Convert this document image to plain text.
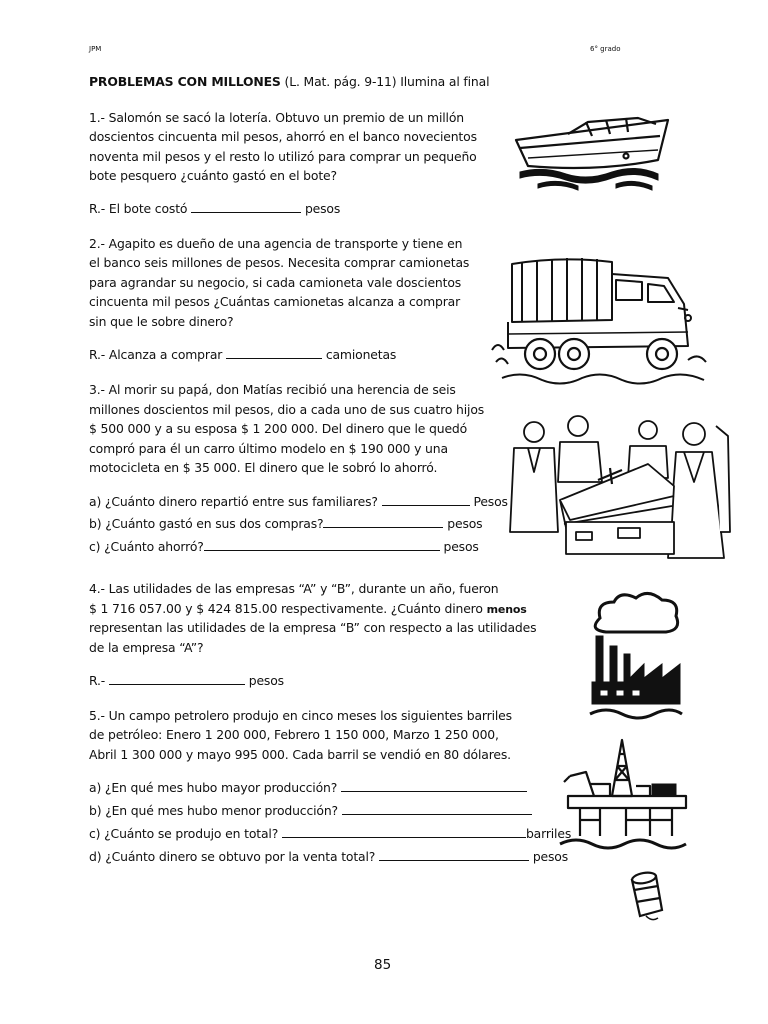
JPM	6° grado
PROBLEMAS CON MILLONES (L. Mat. pág. 9-11) Ilumina al final
1.- Salomón se sacó la lotería. Obtuvo un premio de un millón
doscientos cincuenta mil pesos, ahorró en el banco novecientos
noventa mil pesos y el resto lo utilizó para comprar un pequeño
bote pesquero ¿cuánto gastó en el bote?
R.- El bote costó	pesos
2.- Agapito es dueño de una agencia de transporte y tiene en
el banco seis millones de pesos. Necesita comprar camionetas
para agrandar su negocio, si cada camioneta vale doscientos
cincuenta mil pesos ¿Cuántas camionetas alcanza a comprar
sin que le sobre dinero?
R.- Alcanza a comprar	camionetas
3.- Al morir su papá, don Matías recibió una herencia de seis
millones doscientos mil pesos, dio a cada uno de sus cuatro hijos
$ 500 000 y a su esposa $ 1 200 000. Del dinero que le quedó
compró para él un carro último modelo en $ 190 000 y una
motocicleta en $ 35 000. El dinero que le sobró lo ahorró.
a) ¿Cuánto dinero repartió entre sus familiares?	Pesos
b) ¿Cuánto gastó en sus dos compras?	pesos
c) ¿Cuánto ahorró?	pesos
4.- Las utilidades de las empresas “A” y “B”, durante un año, fueron
$ 1 716 057.00 y $ 424 815.00 respectivamente. ¿Cuánto dinero menos
representan las utilidades de la empresa “B” con respecto a las utilidades
de la empresa “A”?
R.-	pesos
5.- Un campo petrolero produjo en cinco meses los siguientes barriles
de petróleo: Enero 1 200 000, Febrero 1 150 000, Marzo 1 250 000,
Abril 1 300 000 y mayo 995 000. Cada barril se vendió en 80 dólares.
a) ¿En qué mes hubo mayor producción?
b) ¿En qué mes hubo menor producción?
c) ¿Cuánto se produjo en total?	barriles
d) ¿Cuánto dinero se obtuvo por la venta total?	pesos
85
